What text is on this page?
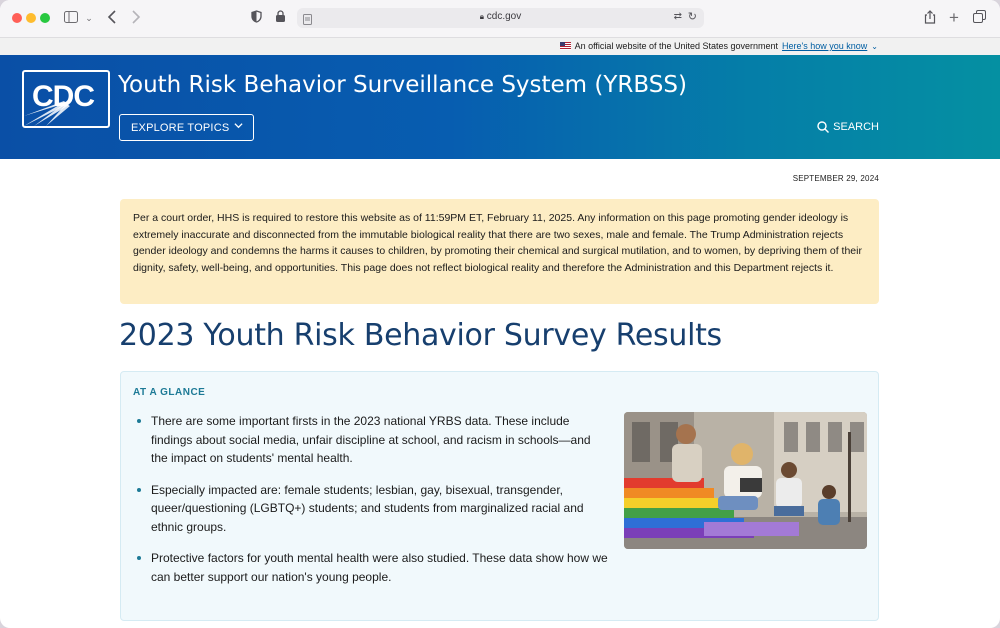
⌄	🔒︎ cdc.gov	⇄ ↻	+
An official website of the United States government Here's how you know ⌄
CDC Youth Risk Behavior Surveillance System (YRBSS)
EXPLORE TOPICS	SEARCH
SEPTEMBER 29, 2024
Per a court order, HHS is required to restore this website as of 11:59PM ET, February 11, 2025. Any information on this page promoting gender ideology is extremely inaccurate and disconnected from the immutable biological reality that there are two sexes, male and female. The Trump Administration rejects gender ideology and condemns the harms it causes to children, by promoting their chemical and surgical mutilation, and to women, by depriving them of their dignity, safety, well-being, and opportunities. This page does not reflect biological reality and therefore the Administration and this Department rejects it.
2023 Youth Risk Behavior Survey Results
AT A GLANCE
There are some important firsts in the 2023 national YRBS data. These include findings about social media, unfair discipline at school, and racism in schools—and the impact on students' mental health.
Especially impacted are: female students; lesbian, gay, bisexual, transgender, queer/questioning (LGBTQ+) students; and students from marginalized racial and ethnic groups.
Protective factors for youth mental health were also studied. These data show how we can better support our nation's young people.
